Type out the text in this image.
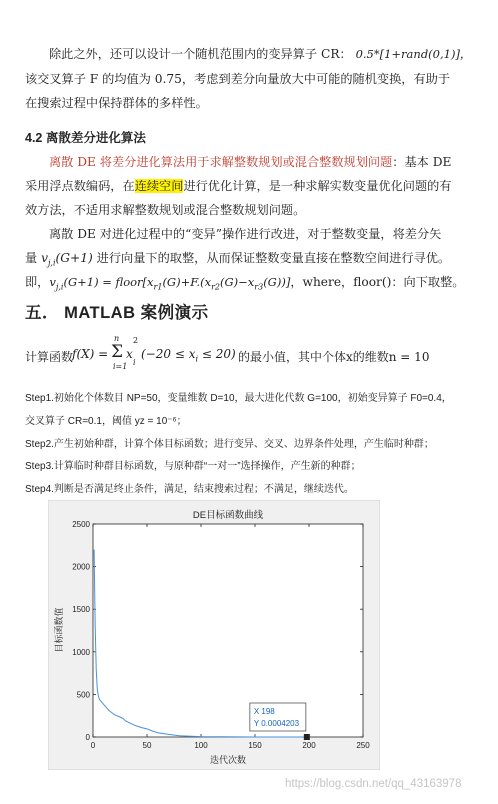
除此之外，还可以设计一个随机范围内的变异算子 CR： 0.5*[1+rand(0,1)]，
该交叉算子 F 的均值为 0.75，考虑到差分向量放大中可能的随机变换，有助于
在搜索过程中保持群体的多样性。
4.2 离散差分进化算法
离散 DE 将差分进化算法用于求解整数规划或混合整数规划问题：基本 DE
采用浮点数编码，在连续空间进行优化计算，是一种求解实数变量优化问题的有
效方法，不适用求解整数规划或混合整数规划问题。
离散 DE 对进化过程中的“变异”操作进行改进，对于整数变量，将差分矢
量 $v_{j,i}(G+1)$ 进行向量下的取整，从而保证整数变量直接在整数空间进行寻优。
即，$v_{j,i}(G+1)$ = $floor[x_{r1}(G)+F.(x_{r2}(G)-x_{r3}(G))]$，where，floor()：向下取整。
五． MATLAB 案例演示
计算函数
f(X) =
n
Σ
i=1
x
2
i
$(-20 \le x_i \le 20)$ 的最小值，其中个体x的维数n = 10
Step1.初始化个体数目 NP=50，变量维数 D=10，最大进化代数 G=100，初始变异算子 F0=0.4，
交叉算子 CR=0.1，阈值 yz = 10⁻⁶；
Step2.产生初始种群，计算个体目标函数；进行变异、交叉、边界条件处理，产生临时种群；
Step3.计算临时种群目标函数，与原种群“一对一”选择操作，产生新的种群；
Step4.判断是否满足终止条件，满足，结束搜索过程；不满足，继续迭代。
DE目标函数曲线
迭代次数
目标函数值
0	50	100	150	200	250
0
500
1000
1500
2000
2500
X 198
Y 0.0004203
https://blog.csdn.net/qq_43163978
